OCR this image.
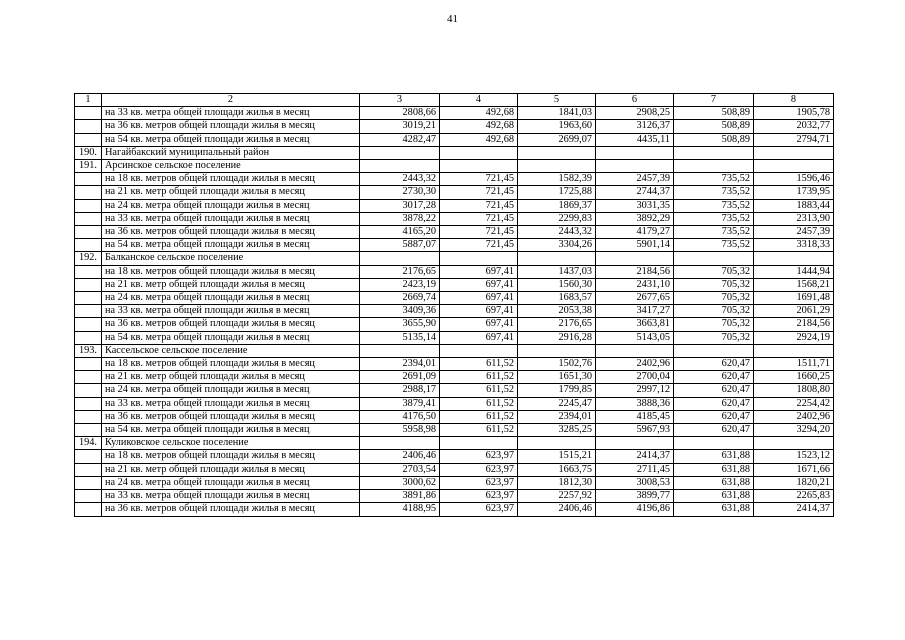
41
1	2	3	4	5	6	7	8
	на 33 кв. метра общей площади жилья в месяц	2808,66	492,68	1841,03	2908,25	508,89	1905,78
	на 36 кв. метров общей площади жилья в месяц	3019,21	492,68	1963,60	3126,37	508,89	2032,77
	на 54 кв. метра общей площади жилья в месяц	4282,47	492,68	2699,07	4435,11	508,89	2794,71
190.	Нагайбакский муниципальный район						
191.	Арсинское сельское поселение						
	на 18 кв. метров общей площади жилья в месяц	2443,32	721,45	1582,39	2457,39	735,52	1596,46
	на 21 кв. метр общей площади жилья в месяц	2730,30	721,45	1725,88	2744,37	735,52	1739,95
	на 24 кв. метра общей площади жилья в месяц	3017,28	721,45	1869,37	3031,35	735,52	1883,44
	на 33 кв. метра общей площади жилья в месяц	3878,22	721,45	2299,83	3892,29	735,52	2313,90
	на 36 кв. метров общей площади жилья в месяц	4165,20	721,45	2443,32	4179,27	735,52	2457,39
	на 54 кв. метра общей площади жилья в месяц	5887,07	721,45	3304,26	5901,14	735,52	3318,33
192.	Балканское сельское поселение						
	на 18 кв. метров общей площади жилья в месяц	2176,65	697,41	1437,03	2184,56	705,32	1444,94
	на 21 кв. метр общей площади жилья в месяц	2423,19	697,41	1560,30	2431,10	705,32	1568,21
	на 24 кв. метра общей площади жилья в месяц	2669,74	697,41	1683,57	2677,65	705,32	1691,48
	на 33 кв. метра общей площади жилья в месяц	3409,36	697,41	2053,38	3417,27	705,32	2061,29
	на 36 кв. метров общей площади жилья в месяц	3655,90	697,41	2176,65	3663,81	705,32	2184,56
	на 54 кв. метра общей площади жилья в месяц	5135,14	697,41	2916,28	5143,05	705,32	2924,19
193.	Кассельское сельское поселение						
	на 18 кв. метров общей площади жилья в месяц	2394,01	611,52	1502,76	2402,96	620,47	1511,71
	на 21 кв. метр общей площади жилья в месяц	2691,09	611,52	1651,30	2700,04	620,47	1660,25
	на 24 кв. метра общей площади жилья в месяц	2988,17	611,52	1799,85	2997,12	620,47	1808,80
	на 33 кв. метра общей площади жилья в месяц	3879,41	611,52	2245,47	3888,36	620,47	2254,42
	на 36 кв. метров общей площади жилья в месяц	4176,50	611,52	2394,01	4185,45	620,47	2402,96
	на 54 кв. метра общей площади жилья в месяц	5958,98	611,52	3285,25	5967,93	620,47	3294,20
194.	Куликовское сельское поселение						
	на 18 кв. метров общей площади жилья в месяц	2406,46	623,97	1515,21	2414,37	631,88	1523,12
	на 21 кв. метр общей площади жилья в месяц	2703,54	623,97	1663,75	2711,45	631,88	1671,66
	на 24 кв. метра общей площади жилья в месяц	3000,62	623,97	1812,30	3008,53	631,88	1820,21
	на 33 кв. метра общей площади жилья в месяц	3891,86	623,97	2257,92	3899,77	631,88	2265,83
	на 36 кв. метров общей площади жилья в месяц	4188,95	623,97	2406,46	4196,86	631,88	2414,37
